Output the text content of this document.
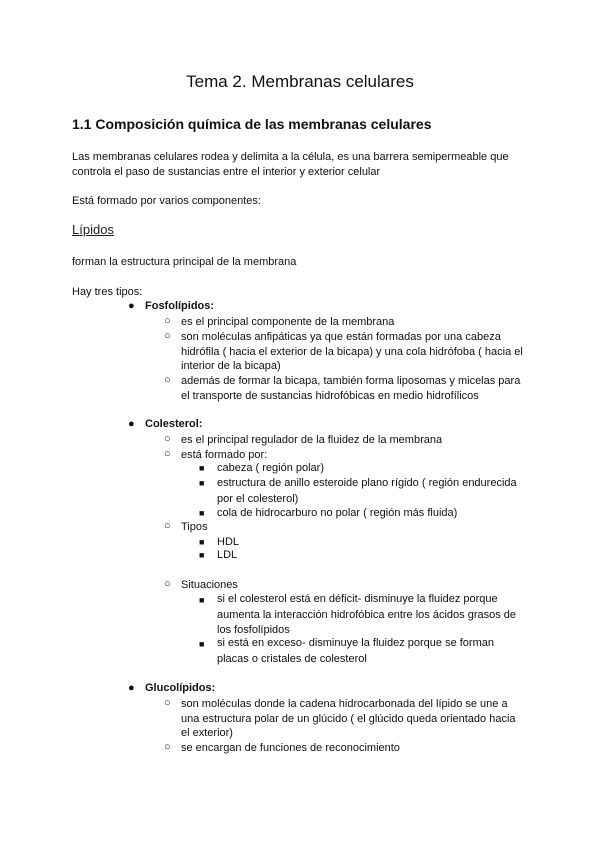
Tema 2. Membranas celulares
1.1 Composición química de las membranas celulares
Las membranas celulares rodea y delimita a la célula, es una barrera semipermeable que
controla el paso de sustancias entre el interior y exterior celular
Está formado por varios componentes:
Lípidos
forman la estructura principal de la membrana
Hay tres tipos:
● Fosfolípidos:
○ es el principal componente de la membrana
○ son moléculas anfipáticas ya que están formadas por una cabeza
hidrófila ( hacia el exterior de la bicapa) y una cola hidrófoba ( hacia el
interior de la bicapa)
○ además de formar la bicapa, también forma liposomas y micelas para
el transporte de sustancias hidrofóbicas en medio hidrofílicos
● Colesterol:
○ es el principal regulador de la fluidez de la membrana
○ está formado por:
■ cabeza ( región polar)
■ estructura de anillo esteroide plano rígido ( región endurecida
por el colesterol)
■ cola de hidrocarburo no polar ( región más fluida)
○ Tipos
■ HDL
■ LDL
○ Situaciones
■ si el colesterol está en déficit- disminuye la fluidez porque
aumenta la interacción hidrofóbica entre los ácidos grasos de
los fosfolípidos
■ si está en exceso- disminuye la fluidez porque se forman
placas o cristales de colesterol
● Glucolípidos:
○ son moléculas donde la cadena hidrocarbonada del lípido se une a
una estructura polar de un glúcido ( el glúcido queda orientado hacia
el exterior)
○ se encargan de funciones de reconocimiento
